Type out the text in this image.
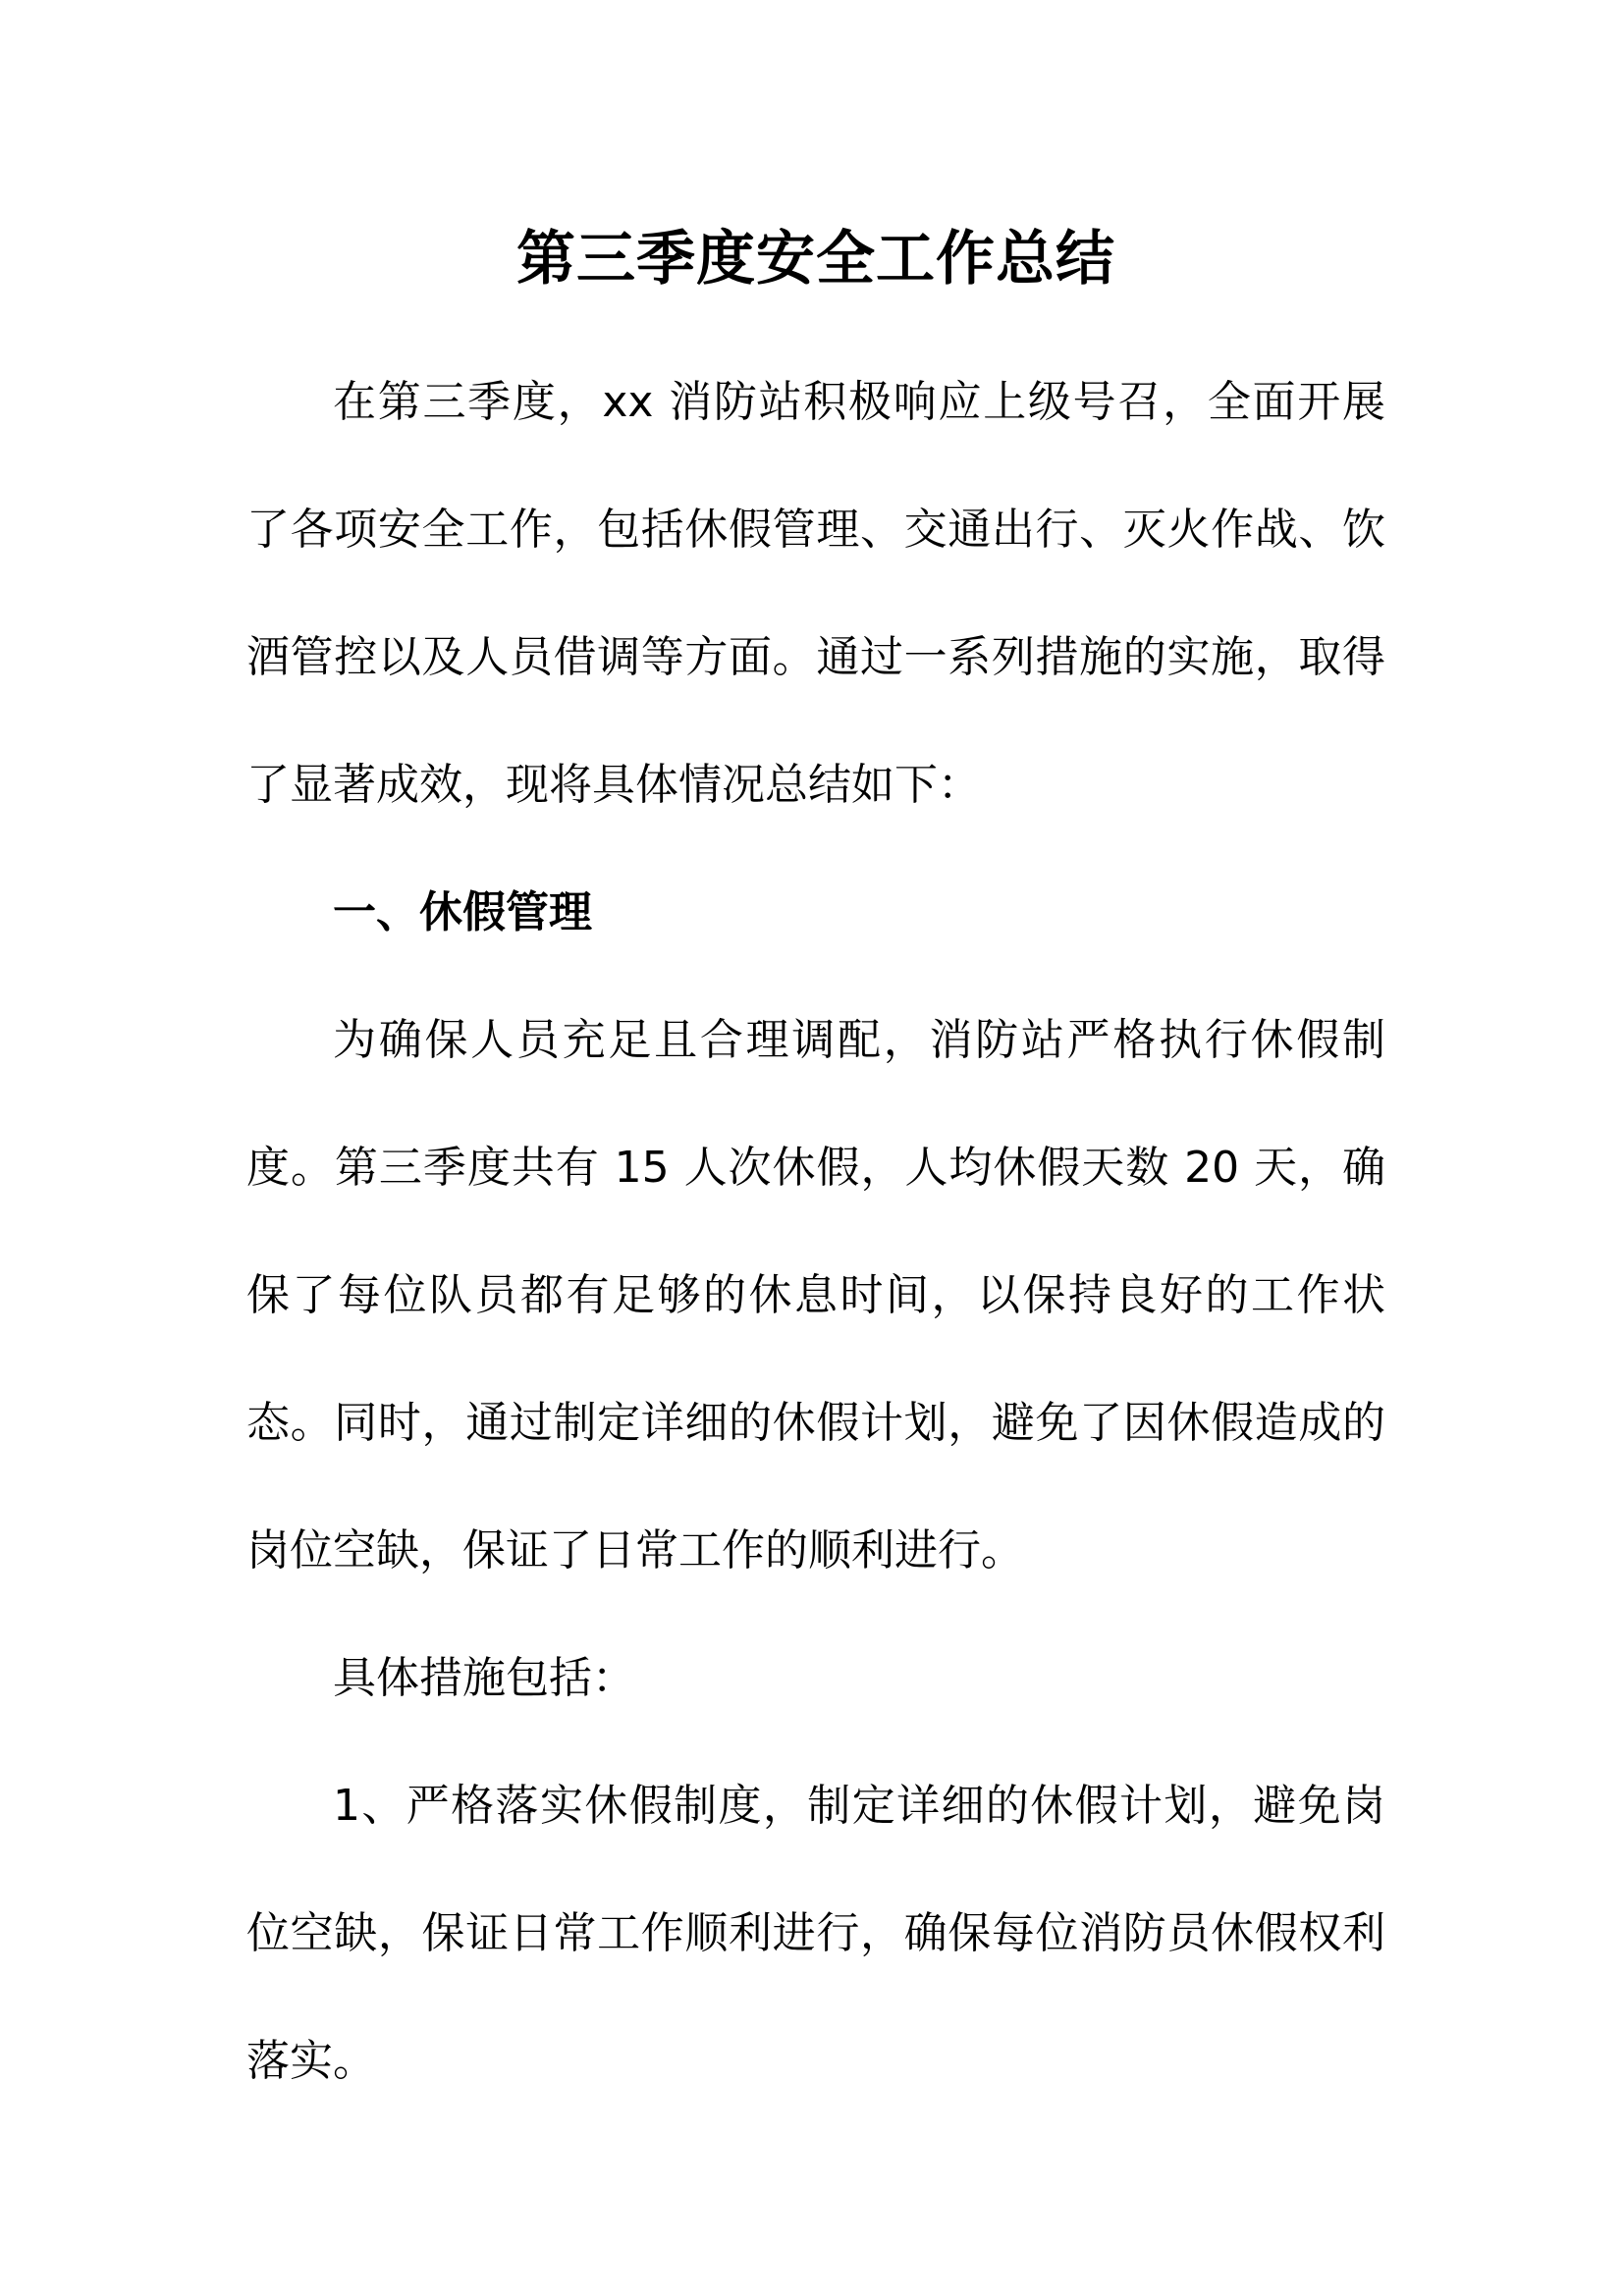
第三季度安全工作总结

在第三季度，xx 消防站积极响应上级号召，全面开展了各项安全工作，包括休假管理、交通出行、灭火作战、饮酒管控以及人员借调等方面。通过一系列措施的实施，取得了显著成效，现将具体情况总结如下：

一、休假管理

为确保人员充足且合理调配，消防站严格执行休假制度。第三季度共有 15 人次休假，人均休假天数 20 天，确保了每位队员都有足够的休息时间，以保持良好的工作状态。同时，通过制定详细的休假计划，避免了因休假造成的岗位空缺，保证了日常工作的顺利进行。

具体措施包括：

1、严格落实休假制度，制定详细的休假计划，避免岗位空缺，保证日常工作顺利进行，确保每位消防员休假权利落实。
